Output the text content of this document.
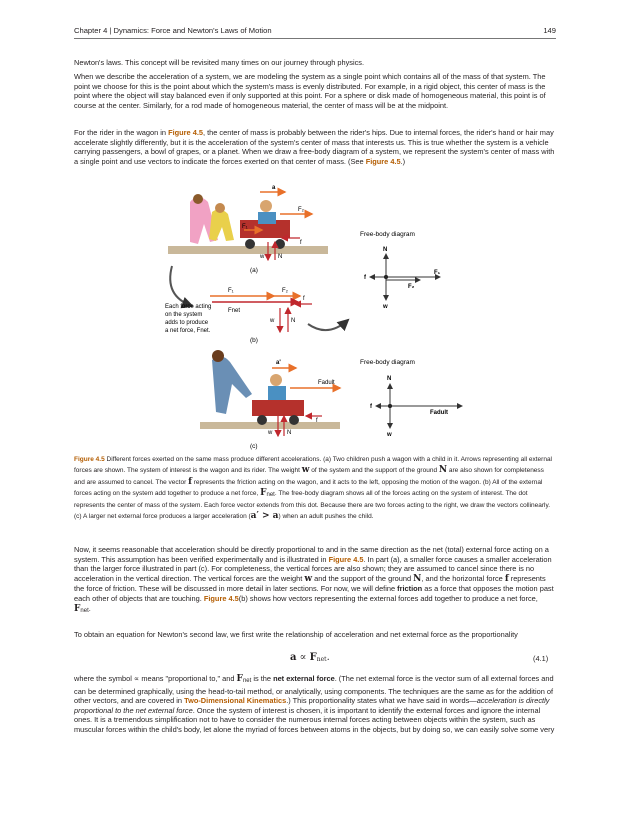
Chapter 4 | Dynamics: Force and Newton's Laws of Motion	149

Newton's laws. This concept will be revisited many times on our journey through physics.

When we describe the acceleration of a system, we are modeling the system as a single point which contains all of the mass of that system. The point we choose for this is the point about which the system's mass is evenly distributed. For example, in a rigid object, this center of mass is the point where the object will stay balanced even if only supported at this point. For a sphere or disk made of homogeneous material, this point is of course at the center. Similarly, for a rod made of homogeneous material, the center of mass will be at the midpoint.

For the rider in the wagon in Figure 4.5, the center of mass is probably between the rider's hips. Due to internal forces, the rider's hand or hair may accelerate slightly differently, but it is the acceleration of the system's center of mass that interests us. This is true whether the system is a vehicle carrying passengers, a bowl of grapes, or a planet. When we draw a free-body diagram of a system, we represent the system's center of mass with a single point and use vectors to indicate the forces exerted on that center of mass. (See Figure 4.5.)

a
F₂
F₁
f
w N
(a)
Free-body diagram
N
w
f
F₁
F₂
F₁	F₂
Fnet
f
w	N
Each force acting
on the system
adds to produce
a net force, Fnet.
(b)
a'
Fadult
f
w N
(c)
Free-body diagram
N
w
f
Fadult

Figure 4.5 Different forces exerted on the same mass produce different accelerations. (a) Two children push a wagon with a child in it. Arrows representing all external forces are shown. The system of interest is the wagon and its rider. The weight w of the system and the support of the ground N are also shown for completeness and are assumed to cancel. The vector f represents the friction acting on the wagon, and it acts to the left, opposing the motion of the wagon. (b) All of the external forces acting on the system add together to produce a net force, Fnet. The free-body diagram shows all of the forces acting on the system of interest. The dot represents the center of mass of the system. Each force vector extends from this dot. Because there are two forces acting to the right, we draw the vectors collinearly. (c) A larger net external force produces a larger acceleration (a′ > a) when an adult pushes the child.

Now, it seems reasonable that acceleration should be directly proportional to and in the same direction as the net (total) external force acting on a system. This assumption has been verified experimentally and is illustrated in Figure 4.5. In part (a), a smaller force causes a smaller acceleration than the larger force illustrated in part (c). For completeness, the vertical forces are also shown; they are assumed to cancel since there is no acceleration in the vertical direction. The vertical forces are the weight w and the support of the ground N, and the horizontal force f represents the force of friction. These will be discussed in more detail in later sections. For now, we will define friction as a force that opposes the motion past each other of objects that are touching. Figure 4.5(b) shows how vectors representing the external forces add together to produce a net force, Fnet.

To obtain an equation for Newton's second law, we first write the relationship of acceleration and net external force as the proportionality

a ∝ Fnet.	(4.1)

where the symbol ∝ means "proportional to," and Fnet is the net external force. (The net external force is the vector sum of all external forces and can be determined graphically, using the head-to-tail method, or analytically, using components. The techniques are the same as for the addition of other vectors, and are covered in Two-Dimensional Kinematics.) This proportionality states what we have said in words—acceleration is directly proportional to the net external force. Once the system of interest is chosen, it is important to identify the external forces and ignore the internal ones. It is a tremendous simplification not to have to consider the numerous internal forces acting between objects within the system, such as muscular forces within the child's body, let alone the myriad of forces between atoms in the objects, but by doing so, we can easily solve some very
